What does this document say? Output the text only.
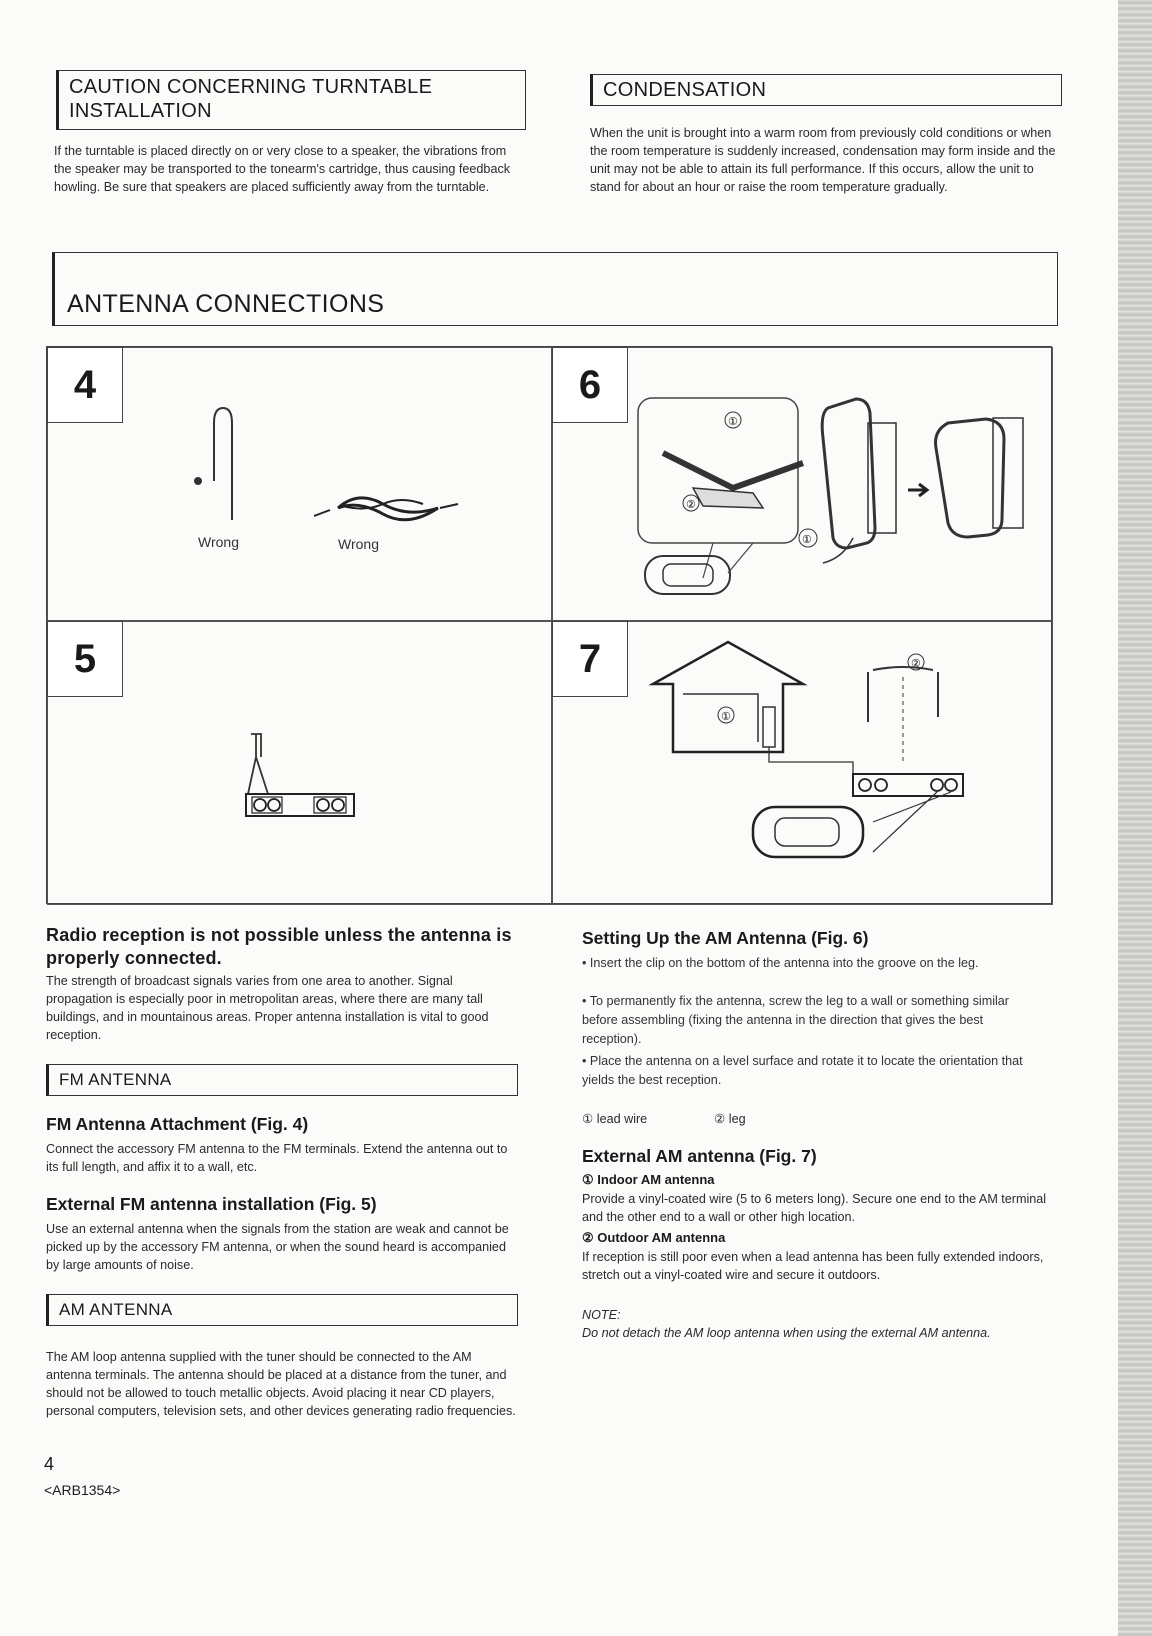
CAUTION CONCERNING TURNTABLE INSTALLATION
If the turntable is placed directly on or very close to a speaker, the vibrations from the speaker may be transported to the tonearm's cartridge, thus causing feedback howling. Be sure that speakers are placed sufficiently away from the turntable.
CONDENSATION
When the unit is brought into a warm room from previously cold conditions or when the room temperature is suddenly increased, condensation may form inside and the unit may not be able to attain its full performance. If this occurs, allow the unit to stand for about an hour or raise the room temperature gradually.
ANTENNA CONNECTIONS
4
Wrong	Wrong
6
①
②
①
5	7
①
②
Radio reception is not possible unless the antenna is properly connected.
The strength of broadcast signals varies from one area to another. Signal propagation is especially poor in metropolitan areas, where there are many tall buildings, and in mountainous areas. Proper antenna installation is vital to good reception.
FM ANTENNA
FM Antenna Attachment (Fig. 4)
Connect the accessory FM antenna to the FM terminals. Extend the antenna out to its full length, and affix it to a wall, etc.
External FM antenna installation (Fig. 5)
Use an external antenna when the signals from the station are weak and cannot be picked up by the accessory FM antenna, or when the sound heard is accompanied by large amounts of noise.
AM ANTENNA
The AM loop antenna supplied with the tuner should be connected to the AM antenna terminals. The antenna should be placed at a distance from the tuner, and should not be allowed to touch metallic objects. Avoid placing it near CD players, personal computers, television sets, and other devices generating radio frequencies.
4
<ARB1354>
Setting Up the AM Antenna (Fig. 6)
• Insert the clip on the bottom of the antenna into the groove on the leg.
• To permanently fix the antenna, screw the leg to a wall or something similar before assembling (fixing the antenna in the direction that gives the best reception).
• Place the antenna on a level surface and rotate it to locate the orientation that yields the best reception.
① lead wire	② leg
External AM antenna (Fig. 7)
① Indoor AM antenna
Provide a vinyl-coated wire (5 to 6 meters long). Secure one end to the AM terminal and the other end to a wall or other high location.
② Outdoor AM antenna
If reception is still poor even when a lead antenna has been fully extended indoors, stretch out a vinyl-coated wire and secure it outdoors.
NOTE:
Do not detach the AM loop antenna when using the external AM antenna.
